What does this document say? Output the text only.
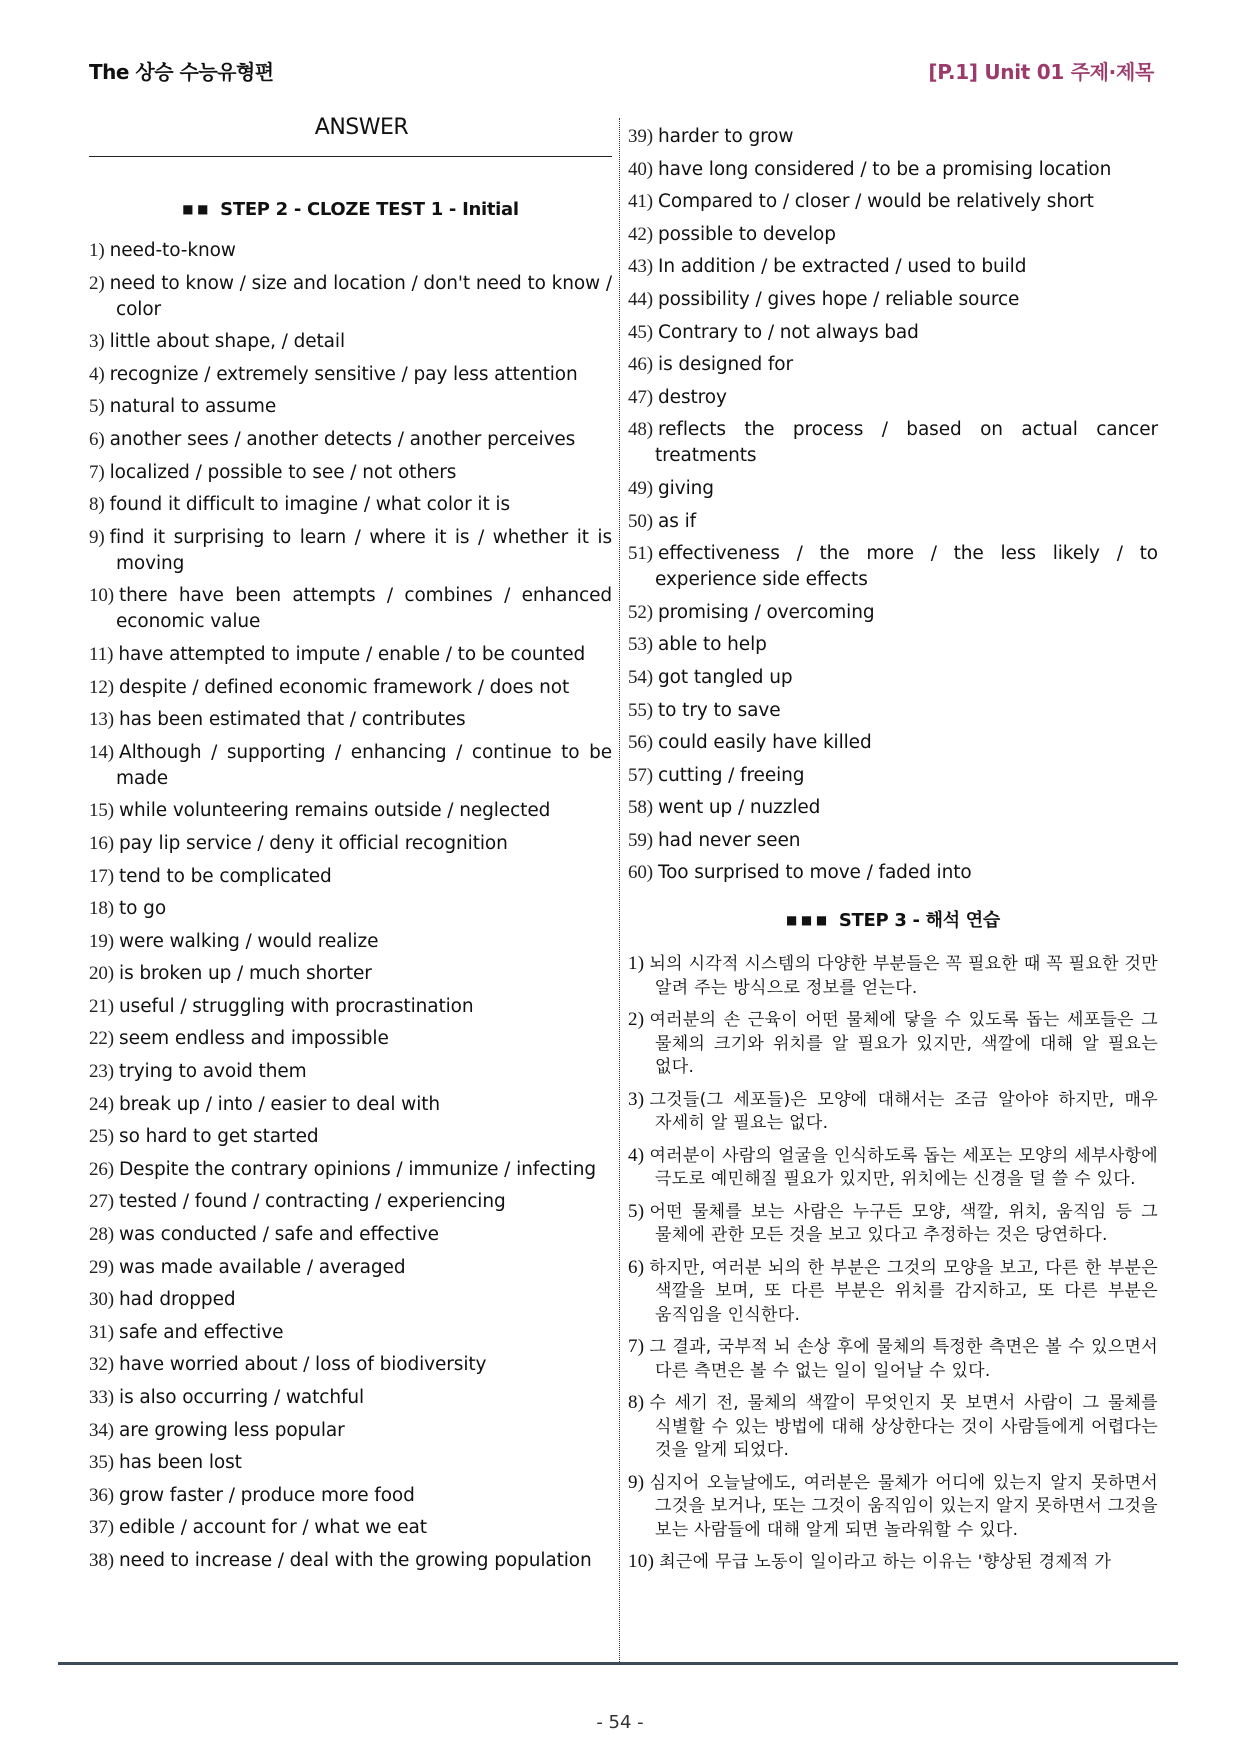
The 상승 수능유형편	[P.1] Unit 01 주제·제목
ANSWER
■ ■ STEP 2 - CLOZE TEST 1 - Initial
1) need-to-know
2) need to know / size and location / don't need to know / color
3) little about shape, / detail
4) recognize / extremely sensitive / pay less attention
5) natural to assume
6) another sees / another detects / another perceives
7) localized / possible to see / not others
8) found it difficult to imagine / what color it is
9) find it surprising to learn / where it is / whether it is moving
10) there have been attempts / combines / enhanced economic value
11) have attempted to impute / enable / to be counted
12) despite / defined economic framework / does not
13) has been estimated that / contributes
14) Although / supporting / enhancing / continue to be made
15) while volunteering remains outside / neglected
16) pay lip service / deny it official recognition
17) tend to be complicated
18) to go
19) were walking / would realize
20) is broken up / much shorter
21) useful / struggling with procrastination
22) seem endless and impossible
23) trying to avoid them
24) break up / into / easier to deal with
25) so hard to get started
26) Despite the contrary opinions / immunize / infecting
27) tested / found / contracting / experiencing
28) was conducted / safe and effective
29) was made available / averaged
30) had dropped
31) safe and effective
32) have worried about / loss of biodiversity
33) is also occurring / watchful
34) are growing less popular
35) has been lost
36) grow faster / produce more food
37) edible / account for / what we eat
38) need to increase / deal with the growing population
39) harder to grow
40) have long considered / to be a promising location
41) Compared to / closer / would be relatively short
42) possible to develop
43) In addition / be extracted / used to build
44) possibility / gives hope / reliable source
45) Contrary to / not always bad
46) is designed for
47) destroy
48) reflects the process / based on actual cancer treatments
49) giving
50) as if
51) effectiveness / the more / the less likely / to experience side effects
52) promising / overcoming
53) able to help
54) got tangled up
55) to try to save
56) could easily have killed
57) cutting / freeing
58) went up / nuzzled
59) had never seen
60) Too surprised to move / faded into
■ ■ ■ STEP 3 - 해석 연습
1) 뇌의 시각적 시스템의 다양한 부분들은 꼭 필요한 때 꼭 필요한 것만 알려 주는 방식으로 정보를 얻는다.
2) 여러분의 손 근육이 어떤 물체에 닿을 수 있도록 돕는 세포들은 그 물체의 크기와 위치를 알 필요가 있지만, 색깔에 대해 알 필요는 없다.
3) 그것들(그 세포들)은 모양에 대해서는 조금 알아야 하지만, 매우 자세히 알 필요는 없다.
4) 여러분이 사람의 얼굴을 인식하도록 돕는 세포는 모양의 세부사항에 극도로 예민해질 필요가 있지만, 위치에는 신경을 덜 쓸 수 있다.
5) 어떤 물체를 보는 사람은 누구든 모양, 색깔, 위치, 움직임 등 그 물체에 관한 모든 것을 보고 있다고 추정하는 것은 당연하다.
6) 하지만, 여러분 뇌의 한 부분은 그것의 모양을 보고, 다른 한 부분은 색깔을 보며, 또 다른 부분은 위치를 감지하고, 또 다른 부분은 움직임을 인식한다.
7) 그 결과, 국부적 뇌 손상 후에 물체의 특정한 측면은 볼 수 있으면서 다른 측면은 볼 수 없는 일이 일어날 수 있다.
8) 수 세기 전, 물체의 색깔이 무엇인지 못 보면서 사람이 그 물체를 식별할 수 있는 방법에 대해 상상한다는 것이 사람들에게 어렵다는 것을 알게 되었다.
9) 심지어 오늘날에도, 여러분은 물체가 어디에 있는지 알지 못하면서 그것을 보거나, 또는 그것이 움직임이 있는지 알지 못하면서 그것을 보는 사람들에 대해 알게 되면 놀라워할 수 있다.
10) 최근에 무급 노동이 일이라고 하는 이유는 '향상된 경제적 가
- 54 -
